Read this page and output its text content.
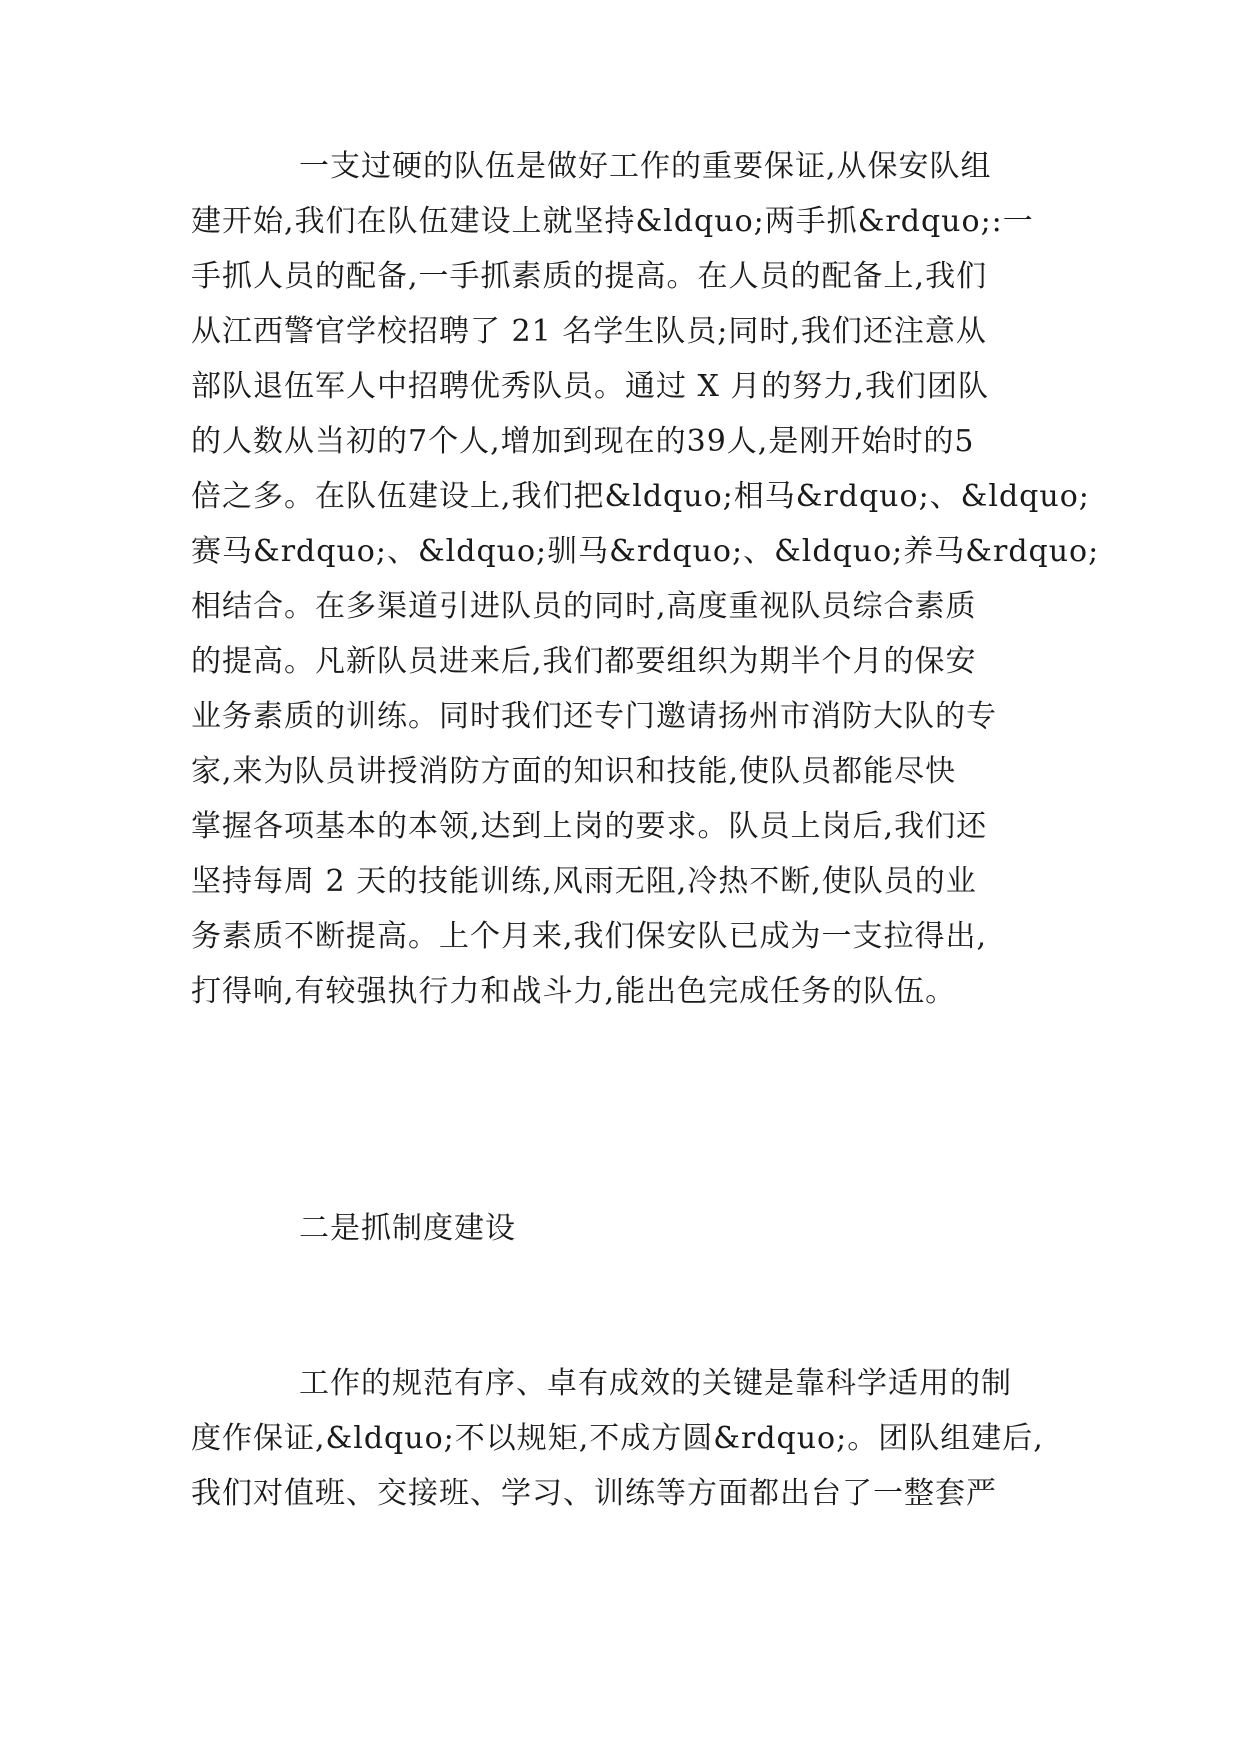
一支过硬的队伍是做好工作的重要保证,从保安队组
建开始,我们在队伍建设上就坚持&ldquo;两手抓&rdquo;:一
手抓人员的配备,一手抓素质的提高。在人员的配备上,我们
从江西警官学校招聘了 21 名学生队员;同时,我们还注意从
部队退伍军人中招聘优秀队员。通过 X 月的努力,我们团队
的人数从当初的7个人,增加到现在的39人,是刚开始时的5
倍之多。在队伍建设上,我们把&ldquo;相马&rdquo;、&ldquo;
赛马&rdquo;、&ldquo;驯马&rdquo;、&ldquo;养马&rdquo;
相结合。在多渠道引进队员的同时,高度重视队员综合素质
的提高。凡新队员进来后,我们都要组织为期半个月的保安
业务素质的训练。同时我们还专门邀请扬州市消防大队的专
家,来为队员讲授消防方面的知识和技能,使队员都能尽快
掌握各项基本的本领,达到上岗的要求。队员上岗后,我们还
坚持每周 2 天的技能训练,风雨无阻,冷热不断,使队员的业
务素质不断提高。上个月来,我们保安队已成为一支拉得出,
打得响,有较强执行力和战斗力,能出色完成任务的队伍。
二是抓制度建设
工作的规范有序、卓有成效的关键是靠科学适用的制
度作保证,&ldquo;不以规矩,不成方圆&rdquo;。团队组建后,
我们对值班、交接班、学习、训练等方面都出台了一整套严
